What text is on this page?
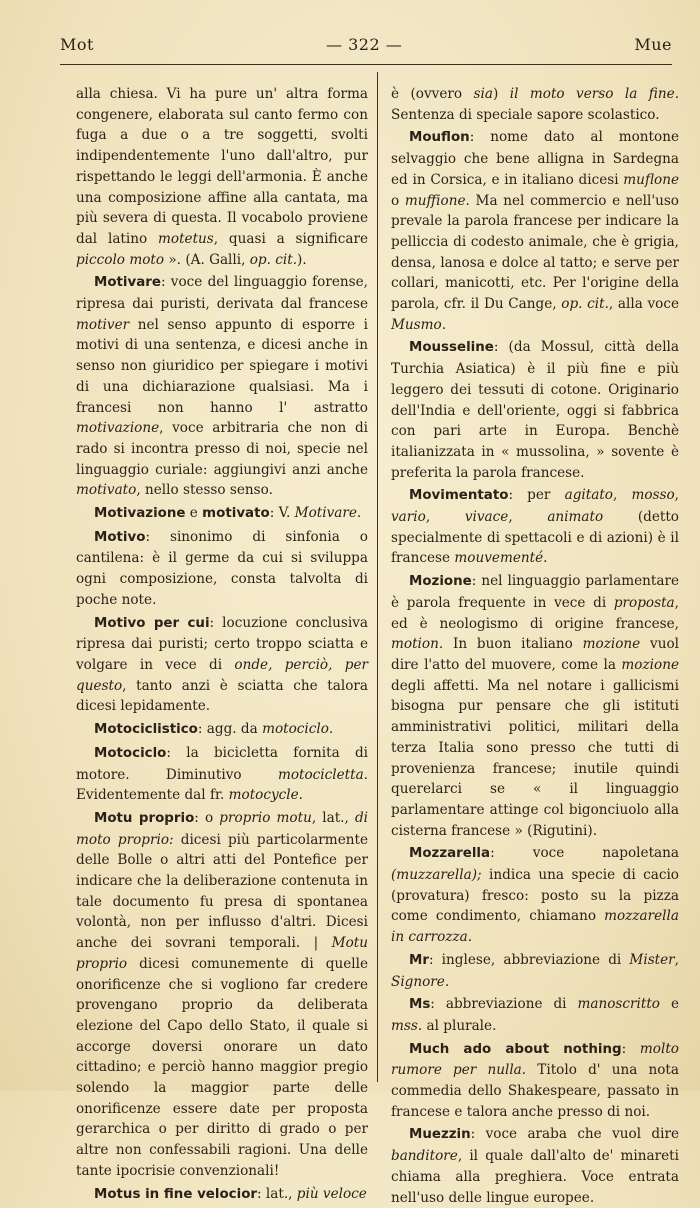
Mot	— 322 —	Mue

alla chiesa. Vi ha pure un' altra forma congenere, elaborata sul canto fermo con fuga a due o a tre soggetti, svolti indipendentemente l'uno dall'altro, pur rispettando le leggi dell'armonia. È anche una composizione affine alla cantata, ma più severa di questa. Il vocabolo proviene dal latino motetus, quasi a significare piccolo moto ». (A. Galli, op. cit.).

Motivare: voce del linguaggio forense, ripresa dai puristi, derivata dal francese motiver nel senso appunto di esporre i motivi di una sentenza, e dicesi anche in senso non giuridico per spiegare i motivi di una dichiarazione qualsiasi. Ma i francesi non hanno l' astratto motivazione, voce arbitraria che non di rado si incontra presso di noi, specie nel linguaggio curiale: aggiungivi anzi anche motivato, nello stesso senso.

Motivazione e motivato: V. Motivare.

Motivo: sinonimo di sinfonia o cantilena: è il germe da cui si sviluppa ogni composizione, consta talvolta di poche note.

Motivo per cui: locuzione conclusiva ripresa dai puristi; certo troppo sciatta e volgare in vece di onde, perciò, per questo, tanto anzi è sciatta che talora dicesi lepidamente.

Motociclistico: agg. da motociclo.

Motociclo: la bicicletta fornita di motore. Diminutivo motocicletta. Evidentemente dal fr. motocycle.

Motu proprio: o proprio motu, lat., di moto proprio: dicesi più particolarmente delle Bolle o altri atti del Pontefice per indicare che la deliberazione contenuta in tale documento fu presa di spontanea volontà, non per influsso d'altri. Dicesi anche dei sovrani temporali. | Motu proprio dicesi comunemente di quelle onorificenze che si vogliono far credere provengano proprio da deliberata elezione del Capo dello Stato, il quale si accorge doversi onorare un dato cittadino; e perciò hanno maggior pregio solendo la maggior parte delle onorificenze essere date per proposta gerarchica o per diritto di grado o per altre non confessabili ragioni. Una delle tante ipocrisie convenzionali!

Motus in fine velocior: lat., più veloce

è (ovvero sia) il moto verso la fine. Sentenza di speciale sapore scolastico.

Mouflon: nome dato al montone selvaggio che bene alligna in Sardegna ed in Corsica, e in italiano dicesi muflone o muffione. Ma nel commercio e nell'uso prevale la parola francese per indicare la pelliccia di codesto animale, che è grigia, densa, lanosa e dolce al tatto; e serve per collari, manicotti, etc. Per l'origine della parola, cfr. il Du Cange, op. cit., alla voce Musmo.

Mousseline: (da Mossul, città della Turchia Asiatica) è il più fine e più leggero dei tessuti di cotone. Originario dell'India e dell'oriente, oggi si fabbrica con pari arte in Europa. Benchè italianizzata in « mussolina, » sovente è preferita la parola francese.

Movimentato: per agitato, mosso, vario, vivace, animato (detto specialmente di spettacoli e di azioni) è il francese mouvementé.

Mozione: nel linguaggio parlamentare è parola frequente in vece di proposta, ed è neologismo di origine francese, motion. In buon italiano mozione vuol dire l'atto del muovere, come la mozione degli affetti. Ma nel notare i gallicismi bisogna pur pensare che gli istituti amministrativi politici, militari della terza Italia sono presso che tutti di provenienza francese; inutile quindi querelarci se « il linguaggio parlamentare attinge col bigonciuolo alla cisterna francese » (Rigutini).

Mozzarella: voce napoletana (muzzarella); indica una specie di cacio (provatura) fresco: posto su la pizza come condimento, chiamano mozzarella in carrozza.

Mr: inglese, abbreviazione di Mister, Signore.

Ms: abbreviazione di manoscritto e mss. al plurale.

Much ado about nothing: molto rumore per nulla. Titolo d' una nota commedia dello Shakespeare, passato in francese e talora anche presso di noi.

Muezzin: voce araba che vuol dire banditore, il quale dall'alto de' minareti chiama alla preghiera. Voce entrata nell'uso delle lingue europee.
